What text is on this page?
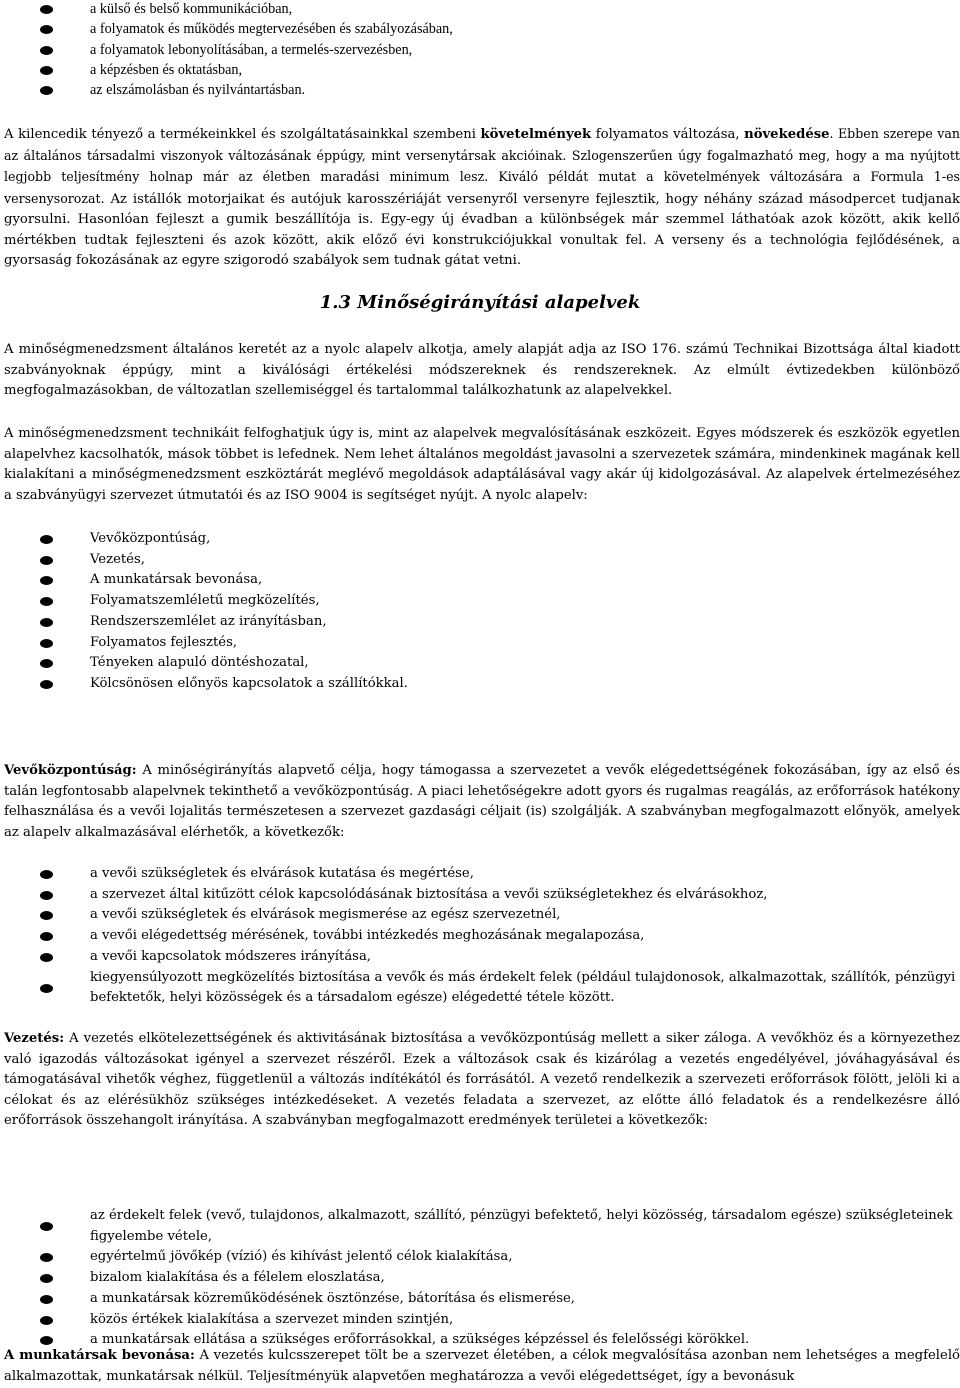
a külső és belső kommunikációban,
a folyamatok és működés megtervezésében és szabályozásában,
a folyamatok lebonyolításában, a termelés-szervezésben,
a képzésben és oktatásban,
az elszámolásban és nyilvántartásban.

A kilencedik tényező a termékeinkkel és szolgáltatásainkkal szembeni követelmények folyamatos változása, növekedése. Ebben szerepe van az általános társadalmi viszonyok változásának éppúgy, mint versenytársak akcióinak. Szlogenszerűen úgy fogalmazható meg, hogy a ma nyújtott legjobb teljesítmény holnap már az életben maradási minimum lesz. Kiváló példát mutat a követelmények változására a Formula 1-es versenysorozat. Az istállók motorjaikat és autójuk karosszériáját versenyről versenyre fejlesztik, hogy néhány század másodpercet tudjanak gyorsulni. Hasonlóan fejleszt a gumik beszállítója is. Egy-egy új évadban a különbségek már szemmel láthatóak azok között, akik kellő mértékben tudtak fejleszteni és azok között, akik előző évi konstrukciójukkal vonultak fel. A verseny és a technológia fejlődésének, a gyorsaság fokozásának az egyre szigorodó szabályok sem tudnak gátat vetni.

1.3 Minőségirányítási alapelvek

A minőségmenedzsment általános keretét az a nyolc alapelv alkotja, amely alapját adja az ISO 176. számú Technikai Bizottsága által kiadott szabványoknak éppúgy, mint a kiválósági értékelési módszereknek és rendszereknek. Az elmúlt évtizedekben különböző megfogalmazásokban, de változatlan szellemiséggel és tartalommal találkozhatunk az alapelvekkel.

A minőségmenedzsment technikáit felfoghatjuk úgy is, mint az alapelvek megvalósításának eszközeit. Egyes módszerek és eszközök egyetlen alapelvhez kacsolhatók, mások többet is lefednek. Nem lehet általános megoldást javasolni a szervezetek számára, mindenkinek magának kell kialakítani a minőségmenedzsment eszköztárát meglévő megoldások adaptálásával vagy akár új kidolgozásával. Az alapelvek értelmezéséhez a szabványügyi szervezet útmutatói és az ISO 9004 is segítséget nyújt. A nyolc alapelv:

Vevőközpontúság,
Vezetés,
A munkatársak bevonása,
Folyamatszemléletű megközelítés,
Rendszerszemlélet az irányításban,
Folyamatos fejlesztés,
Tényeken alapuló döntéshozatal,
Kölcsönösen előnyös kapcsolatok a szállítókkal.

Vevőközpontúság: A minőségirányítás alapvető célja, hogy támogassa a szervezetet a vevők elégedettségének fokozásában, így az első és talán legfontosabb alapelvnek tekinthető a vevőközpontúság. A piaci lehetőségekre adott gyors és rugalmas reagálás, az erőforrások hatékony felhasználása és a vevői lojalitás természetesen a szervezet gazdasági céljait (is) szolgálják. A szabványban megfogalmazott előnyök, amelyek az alapelv alkalmazásával elérhetők, a következők:

a vevői szükségletek és elvárások kutatása és megértése,
a szervezet által kitűzött célok kapcsolódásának biztosítása a vevői szükségletekhez és elvárásokhoz,
a vevői szükségletek és elvárások megismerése az egész szervezetnél,
a vevői elégedettség mérésének, további intézkedés meghozásának megalapozása,
a vevői kapcsolatok módszeres irányítása,
kiegyensúlyozott megközelítés biztosítása a vevők és más érdekelt felek (például tulajdonosok, alkalmazottak, szállítók, pénzügyi befektetők, helyi közösségek és a társadalom egésze) elégedetté tétele között.

Vezetés: A vezetés elkötelezettségének és aktivitásának biztosítása a vevőközpontúság mellett a siker záloga. A vevőkhöz és a környezethez való igazodás változásokat igényel a szervezet részéről. Ezek a változások csak és kizárólag a vezetés engedélyével, jóváhagyásával és támogatásával vihetők véghez, függetlenül a változás indítékától és forrásától. A vezető rendelkezik a szervezeti erőforrások fölött, jelöli ki a célokat és az elérésükhöz szükséges intézkedéseket. A vezetés feladata a szervezet, az előtte álló feladatok és a rendelkezésre álló erőforrások összehangolt irányítása. A szabványban megfogalmazott eredmények területei a következők:

az érdekelt felek (vevő, tulajdonos, alkalmazott, szállító, pénzügyi befektető, helyi közösség, társadalom egésze) szükségleteinek figyelembe vétele,
egyértelmű jövőkép (vízió) és kihívást jelentő célok kialakítása,
bizalom kialakítása és a félelem eloszlatása,
a munkatársak közreműködésének ösztönzése, bátorítása és elismerése,
közös értékek kialakítása a szervezet minden szintjén,
a munkatársak ellátása a szükséges erőforrásokkal, a szükséges képzéssel és felelősségi körökkel.

A munkatársak bevonása: A vezetés kulcsszerepet tölt be a szervezet életében, a célok megvalósítása azonban nem lehetséges a megfelelő alkalmazottak, munkatársak nélkül. Teljesítményük alapvetően meghatározza a vevői elégedettséget, így a bevonásuk
